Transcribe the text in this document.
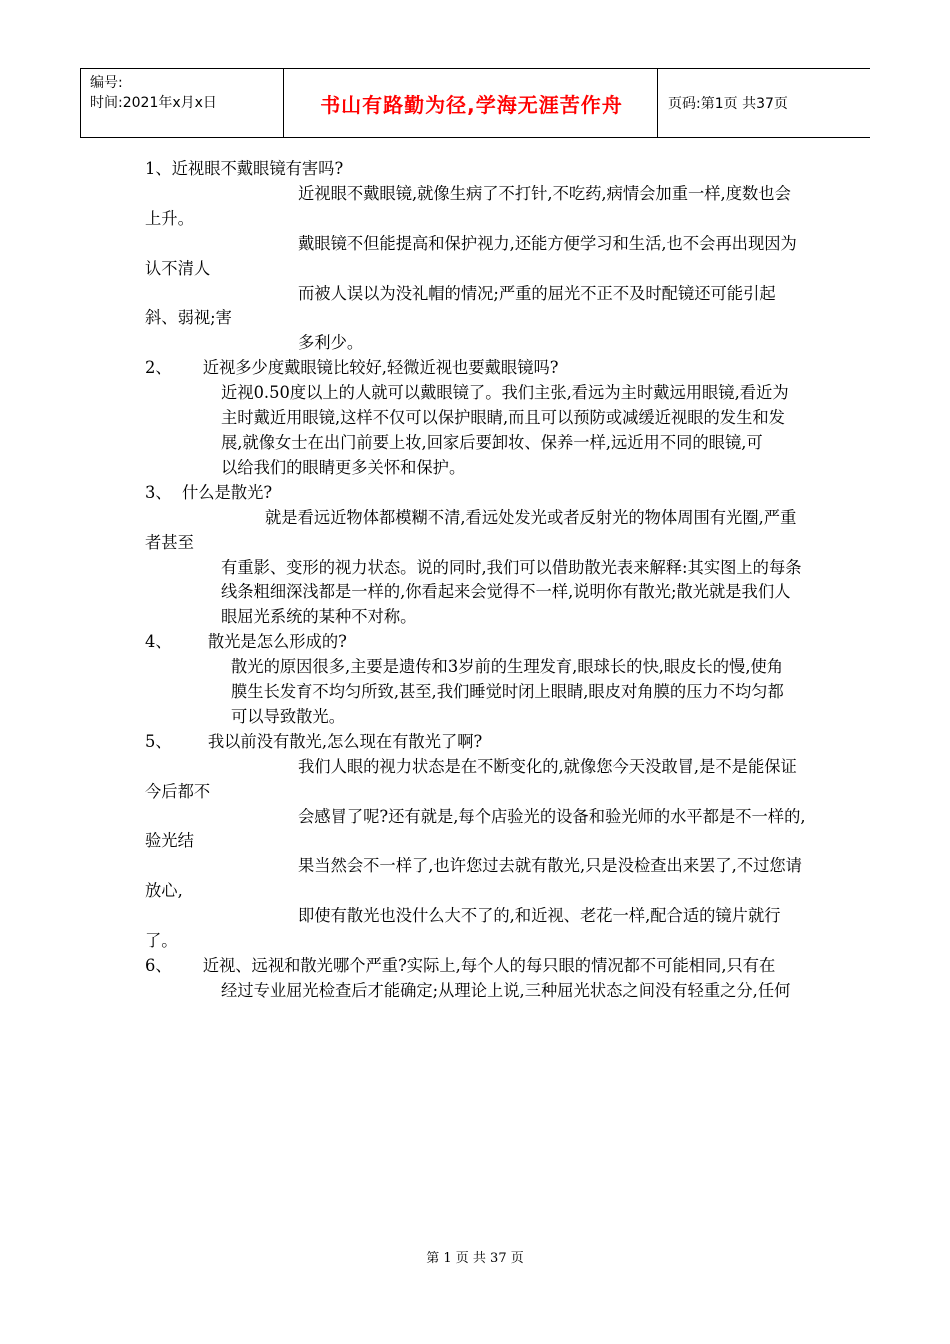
编号:
时间:2021年x月x日	书山有路勤为径,学海无涯苦作舟	页码:第1页 共37页

1、近视眼不戴眼镜有害吗?

近视眼不戴眼镜,就像生病了不打针,不吃药,病情会加重一样,度数也会上升。

戴眼镜不但能提高和保护视力,还能方便学习和生活,也不会再出现因为认不清人

而被人误以为没礼帽的情况;严重的屈光不正不及时配镜还可能引起斜、弱视;害

多利少。

2、      近视多少度戴眼镜比较好,轻微近视也要戴眼镜吗?

近视0.50度以上的人就可以戴眼镜了。我们主张,看远为主时戴远用眼镜,看近为

主时戴近用眼镜,这样不仅可以保护眼睛,而且可以预防或减缓近视眼的发生和发

展,就像女士在出门前要上妆,回家后要卸妆、保养一样,远近用不同的眼镜,可

以给我们的眼睛更多关怀和保护。

3、  什么是散光?

就是看远近物体都模糊不清,看远处发光或者反射光的物体周围有光圈,严重者甚至

有重影、变形的视力状态。说的同时,我们可以借助散光表来解释:其实图上的每条

线条粗细深浅都是一样的,你看起来会觉得不一样,说明你有散光;散光就是我们人

眼屈光系统的某种不对称。

4、       散光是怎么形成的?

散光的原因很多,主要是遗传和3岁前的生理发育,眼球长的快,眼皮长的慢,使角

膜生长发育不均匀所致,甚至,我们睡觉时闭上眼睛,眼皮对角膜的压力不均匀都

可以导致散光。

5、       我以前没有散光,怎么现在有散光了啊?

我们人眼的视力状态是在不断变化的,就像您今天没敢冒,是不是能保证今后都不

会感冒了呢?还有就是,每个店验光的设备和验光师的水平都是不一样的,验光结

果当然会不一样了,也许您过去就有散光,只是没检查出来罢了,不过您请放心,

即使有散光也没什么大不了的,和近视、老花一样,配合适的镜片就行了。

6、      近视、远视和散光哪个严重?实际上,每个人的每只眼的情况都不可能相同,只有在

经过专业屈光检查后才能确定;从理论上说,三种屈光状态之间没有轻重之分,任何

第 1 页 共 37 页
